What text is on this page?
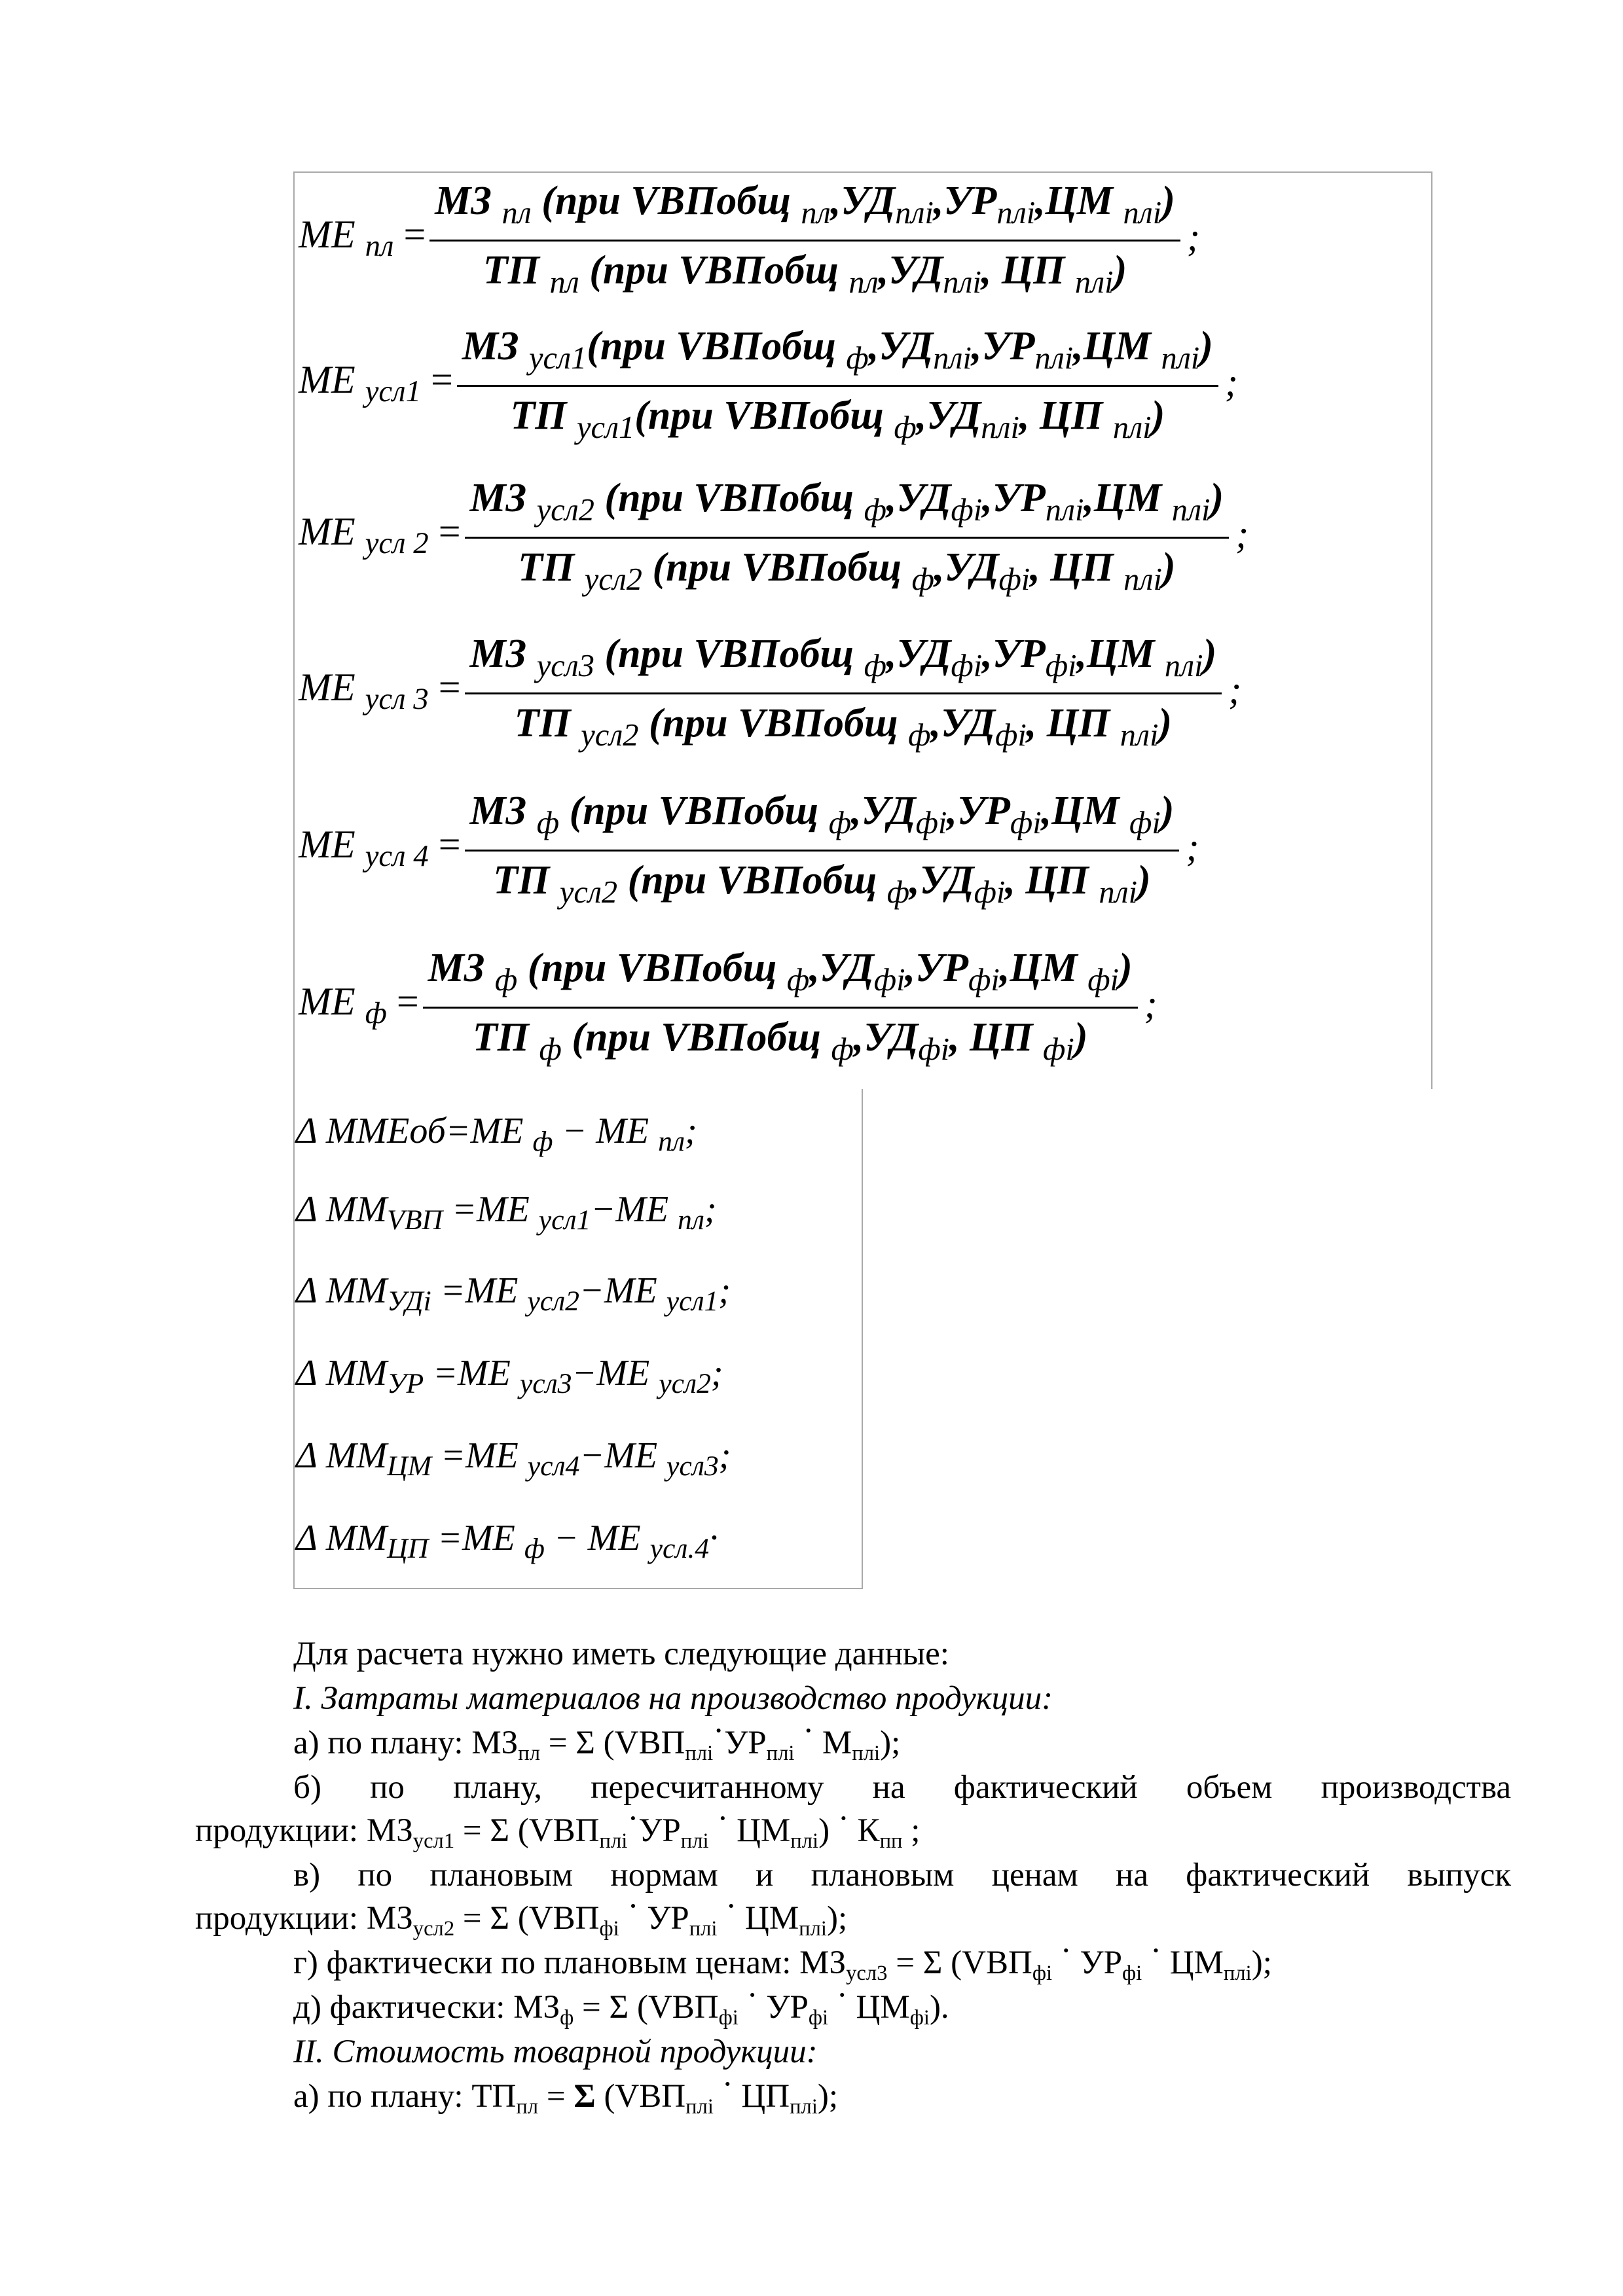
ME $_{пл}$ =
МЗ $_{пл}$ (при VВПобщ $_{пл},УД_{плi},УР_{плi},ЦМ$ $_{плi}$)
ТП $_{пл}$ (при VВПобщ $_{пл},УД_{плi}$, ЦП $_{плi}$)
;
ME $_{усл1}$ =
МЗ $_{усл1}$(при VВПобщ $_ф,УД_{плi},УР_{плi},ЦМ$ $_{плi}$)
ТП $_{усл1}$(при VВПобщ $_ф,УД_{плi}$, ЦП $_{плi}$)
;
ME $_{усл 2}$ =
МЗ $_{усл2}$ (при VВПобщ $_ф,УД_{фi},УР_{плi},ЦМ$ $_{плi}$)
ТП $_{усл2}$ (при VВПобщ $_ф,УД_{фi}$, ЦП $_{плi}$)
;
ME $_{усл 3}$ =
МЗ $_{усл3}$ (при VВПобщ $_ф,УД_{фi},УР_{фi},ЦМ$ $_{плi}$)
ТП $_{усл2}$ (при VВПобщ $_ф,УД_{фi}$, ЦП $_{плi}$)
;
ME $_{усл 4}$ =
МЗ $_ф$ (при VВПобщ $_ф,УД_{фi},УР_{фi},ЦМ$ $_{фi}$)
ТП $_{усл2}$ (при VВПобщ $_ф,УД_{фi}$, ЦП $_{плi}$)
;
ME $_ф$ =
МЗ $_ф$ (при VВПобщ $_ф,УД_{фi},УР_{фi},ЦМ$ $_{фi}$)
ТП $_ф$ (при VВПобщ $_ф,УД_{фi}$, ЦП $_{фi}$)
;
Δ ММЕоб=ME $_ф$ − ME $_{пл}$;
Δ $ММ_{VВП} =ME$ $_{усл1}$−ME $_{пл}$;
Δ $ММ_{УДi} =ME$ $_{усл2}$−ME $_{усл1}$;
Δ $ММ_{УР} =ME$ $_{усл3}$−ME $_{усл2}$;
Δ $ММ_{ЦМ} =ME$ $_{усл4}$−ME $_{усл3}$;
Δ $ММ_{ЦП} =ME$ $_ф$ − ME $_{усл.4}$·
Для расчета нужно иметь следующие данные:
I. Затраты материалов на производство продукции:
а) по плану: МЗпл = Σ (VВПплі·УРплі · Мплі);
б) по плану, пересчитанному на фактический объем производства
продукции: МЗусл1 = Σ (VВПплі·УРплі · ЦМплі) · Кпп ;
в) по плановым нормам и плановым ценам на фактический выпуск
продукции: МЗусл2 = Σ (VВПфі · УРплі · ЦМплі);
г) фактически по плановым ценам: МЗусл3 = Σ (VВПфі · УРфі · ЦМплі);
д) фактически: МЗф = Σ (VВПфі · УРфі · ЦМфі).
II. Стоимость товарной продукции:
а) по плану: ТПпл = Σ (VВПплі · ЦПплі);
